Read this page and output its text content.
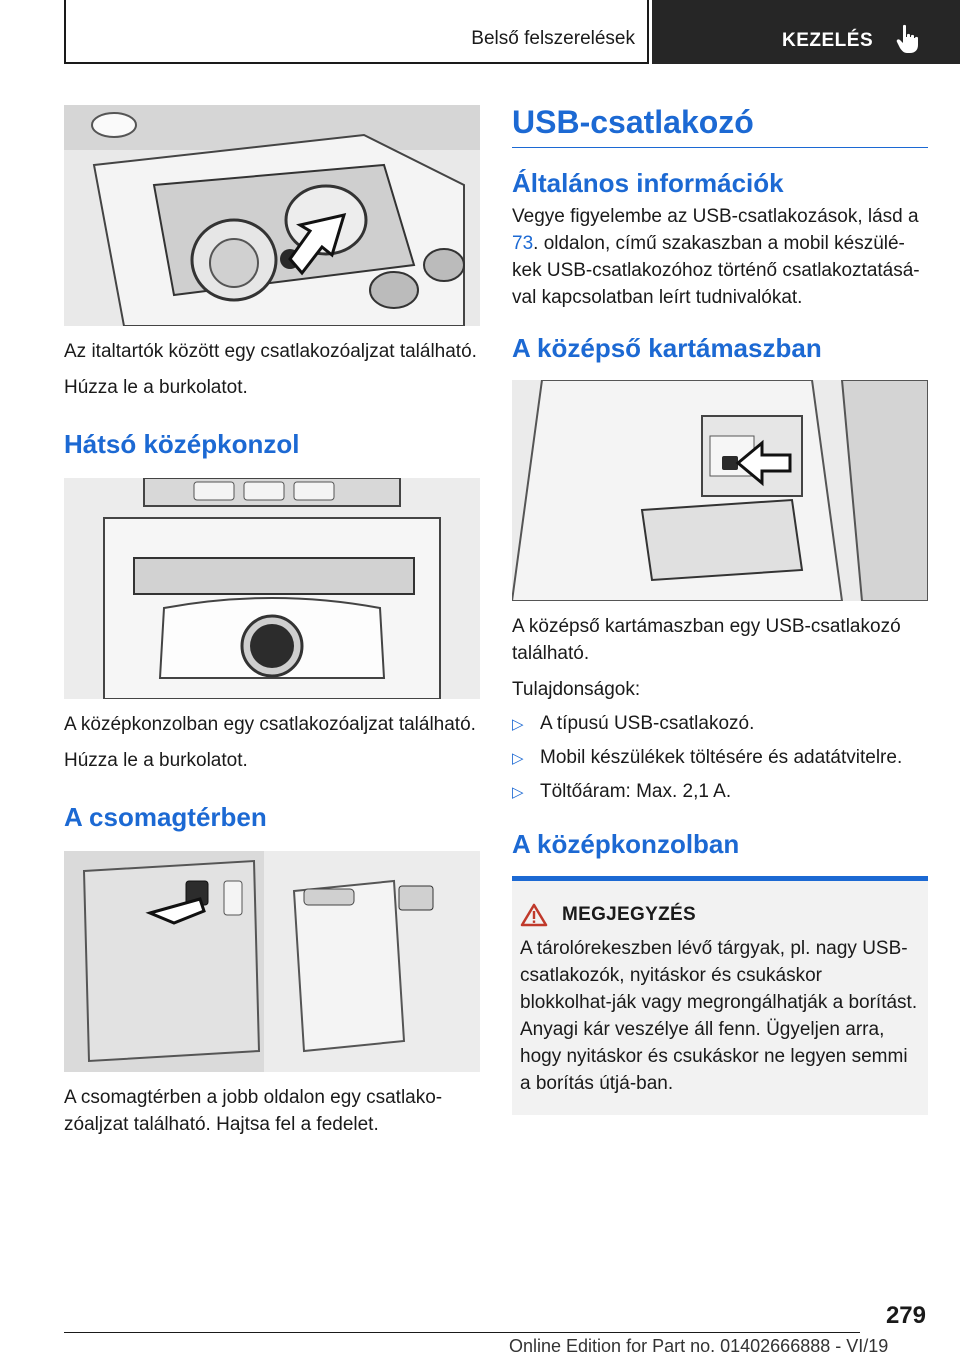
Belső felszerelések	KEZELÉS

Az italtartók között egy csatlakozóaljzat található.

Húzza le a burkolatot.

Hátsó középkonzol

A középkonzolban egy csatlakozóaljzat található.

Húzza le a burkolatot.

A csomagtérben

A csomagtérben a jobb oldalon egy csatlako-zóaljzat található. Hajtsa fel a fedelet.

USB-csatlakozó
Általános információk

Vegye figyelembe az USB-csatlakozások, lásd a 73. oldalon, című szakaszban a mobil készülé-kek USB-csatlakozóhoz történő csatlakoztatásá-val kapcsolatban leírt tudnivalókat.

A középső kartámaszban

A középső kartámaszban egy USB-csatlakozó található.

Tulajdonságok:

▷ A típusú USB-csatlakozó.
▷ Mobil készülékek töltésére és adatátvitelre.
▷ Töltőáram: Max. 2,1 A.
A középkonzolban
MEGJEGYZÉS

A tárolórekeszben lévő tárgyak, pl. nagy USB-csatlakozók, nyitáskor és csukáskor blokkolhat-ják vagy megrongálhatják a borítást. Anyagi kár veszélye áll fenn. Ügyeljen arra, hogy nyitáskor és csukáskor ne legyen semmi a borítás útjá-ban.

279
Online Edition for Part no. 01402666888 - VI/19
